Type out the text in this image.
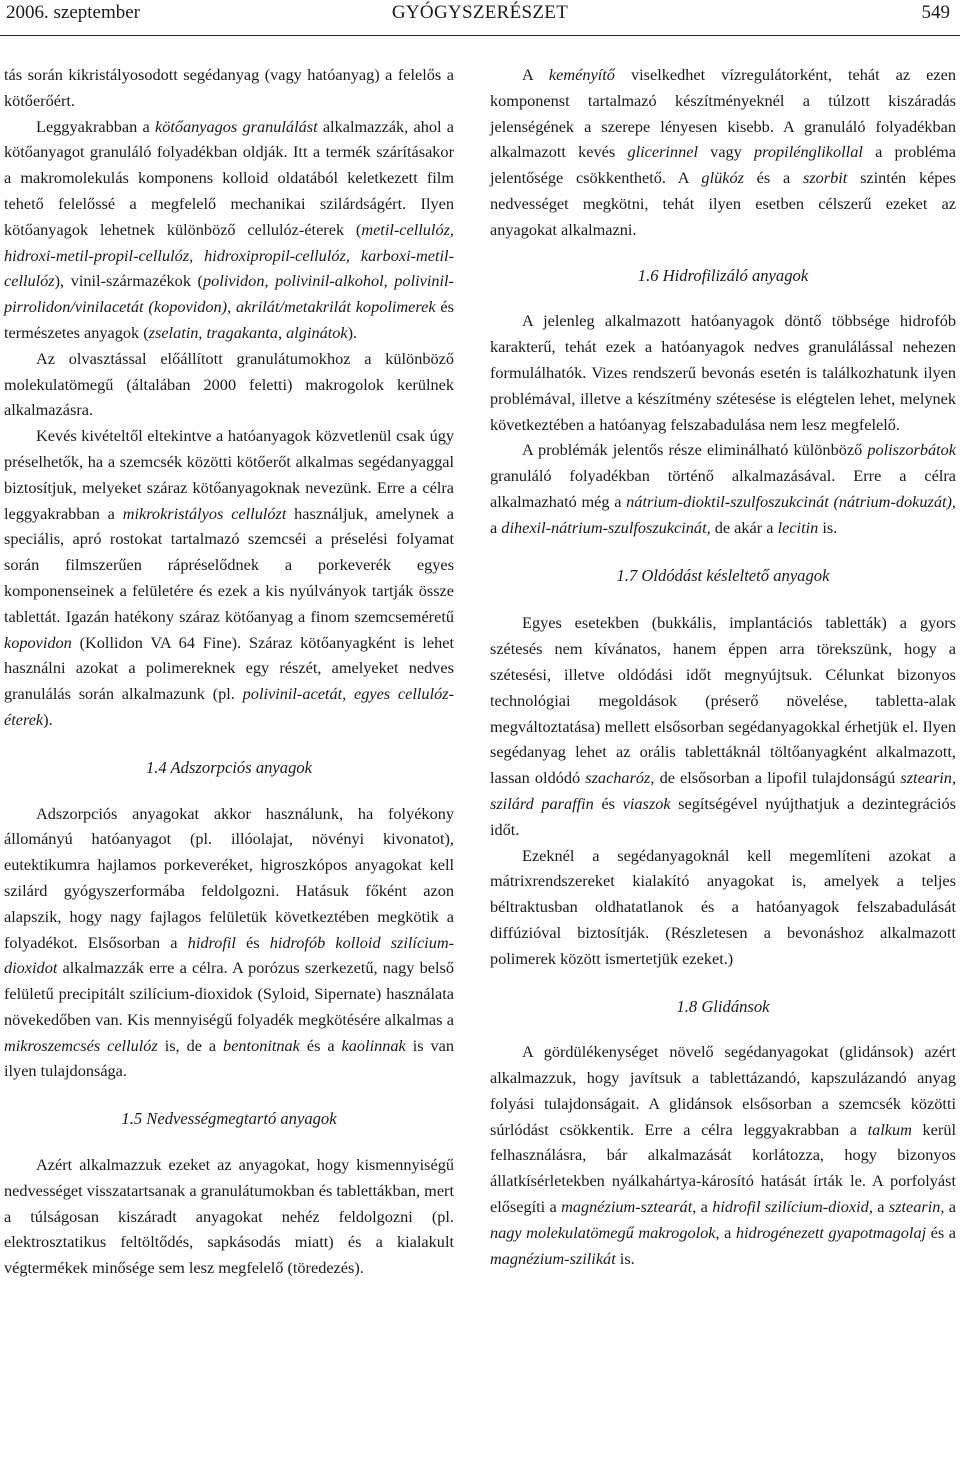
2006. szeptember	GYÓGYSZERÉSZET	549

tás során kikristályosodott segédanyag (vagy hatóanyag) a felelős a kötőerőért.

Leggyakrabban a kötőanyagos granulálást alkalmazzák, ahol a kötőanyagot granuláló folyadékban oldják. Itt a termék szárításakor a makromolekulás komponens kolloid oldatából keletkezett film tehető felelőssé a megfelelő mechanikai szilárdságért. Ilyen kötőanyagok lehetnek különböző cellulóz-éterek (metil-cellulóz, hidroxi-metil-propil-cellulóz, hidroxipropil-cellulóz, karboxi-metil-cellulóz), vinil-származékok (polividon, polivinil-alkohol, polivinil-pirrolidon/vinilacetát (kopovidon), akrilát/metakrilát kopolimerek és természetes anyagok (zselatin, tragakanta, alginátok).

Az olvasztással előállított granulátumokhoz a különböző molekulatömegű (általában 2000 feletti) makrogolok kerülnek alkalmazásra.

Kevés kivételtől eltekintve a hatóanyagok közvetlenül csak úgy préselhetők, ha a szemcsék közötti kötőerőt alkalmas segédanyaggal biztosítjuk, melyeket száraz kötőanyagoknak nevezünk. Erre a célra leggyakrabban a mikrokristályos cellulózt használjuk, amelynek a speciális, apró rostokat tartalmazó szemcséi a préselési folyamat során filmszerűen rápréselődnek a porkeverék egyes komponenseinek a felületére és ezek a kis nyúlványok tartják össze tablettát. Igazán hatékony száraz kötőanyag a finom szemcseméretű kopovidon (Kollidon VA 64 Fine). Száraz kötőanyagként is lehet használni azokat a polimereknek egy részét, amelyeket nedves granulálás során alkalmazunk (pl. polivinil-acetát, egyes cellulóz-éterek).

1.4 Adszorpciós anyagok

Adszorpciós anyagokat akkor használunk, ha folyékony állományú hatóanyagot (pl. illóolajat, növényi kivonatot), eutektikumra hajlamos porkeveréket, higroszkópos anyagokat kell szilárd gyógyszerformába feldolgozni. Hatásuk főként azon alapszik, hogy nagy fajlagos felületük következtében megkötik a folyadékot. Elsősorban a hidrofil és hidrofób kolloid szilícium-dioxidot alkalmazzák erre a célra. A porózus szerkezetű, nagy belső felületű precipitált szilícium-dioxidok (Syloid, Sipernate) használata növekedőben van. Kis mennyiségű folyadék megkötésére alkalmas a mikroszemcsés cellulóz is, de a bentonitnak és a kaolinnak is van ilyen tulajdonsága.

1.5 Nedvességmegtartó anyagok

Azért alkalmazzuk ezeket az anyagokat, hogy kismennyiségű nedvességet visszatartsanak a granulátumokban és tablettákban, mert a túlságosan kiszáradt anyagokat nehéz feldolgozni (pl. elektrosztatikus feltöltődés, sapkásodás miatt) és a kialakult végtermékek minősége sem lesz megfelelő (töredezés).

A keményítő viselkedhet vízregulátorként, tehát az ezen komponenst tartalmazó készítményeknél a túlzott kiszáradás jelenségének a szerepe lényesen kisebb. A granuláló folyadékban alkalmazott kevés glicerinnel vagy propilénglikollal a probléma jelentősége csökkenthető. A glükóz és a szorbit szintén képes nedvességet megkötni, tehát ilyen esetben célszerű ezeket az anyagokat alkalmazni.

1.6 Hidrofilizáló anyagok

A jelenleg alkalmazott hatóanyagok döntő többsége hidrofób karakterű, tehát ezek a hatóanyagok nedves granulálással nehezen formulálhatók. Vizes rendszerű bevonás esetén is találkozhatunk ilyen problémával, illetve a készítmény szétesése is elégtelen lehet, melynek következtében a hatóanyag felszabadulása nem lesz megfelelő.

A problémák jelentős része eliminálható különböző poliszorbátok granuláló folyadékban történő alkalmazásával. Erre a célra alkalmazható még a nátrium-dioktil-szulfoszukcinát (nátrium-dokuzát), a dihexil-nátrium-szulfoszukcinát, de akár a lecitin is.

1.7 Oldódást késleltető anyagok

Egyes esetekben (bukkális, implantációs tabletták) a gyors szétesés nem kívánatos, hanem éppen arra törekszünk, hogy a szétesési, illetve oldódási időt megnyújtsuk. Célunkat bizonyos technológiai megoldások (préserő növelése, tabletta-alak megváltoztatása) mellett elsősorban segédanyagokkal érhetjük el. Ilyen segédanyag lehet az orális tablettáknál töltőanyagként alkalmazott, lassan oldódó szacharóz, de elsősorban a lipofil tulajdonságú sztearin, szilárd paraffin és viaszok segítségével nyújthatjuk a dezintegrációs időt.

Ezeknél a segédanyagoknál kell megemlíteni azokat a mátrixrendszereket kialakító anyagokat is, amelyek a teljes béltraktusban oldhatatlanok és a hatóanyagok felszabadulását diffúzióval biztosítják. (Részletesen a bevonáshoz alkalmazott polimerek között ismertetjük ezeket.)

1.8 Glidánsok

A gördülékenységet növelő segédanyagokat (glidánsok) azért alkalmazzuk, hogy javítsuk a tablettázandó, kapszulázandó anyag folyási tulajdonságait. A glidánsok elsősorban a szemcsék közötti súrlódást csökkentik. Erre a célra leggyakrabban a talkum kerül felhasználásra, bár alkalmazását korlátozza, hogy bizonyos állatkísérletekben nyálkahártya-károsító hatását írták le. A porfolyást elősegíti a magnézium-sztearát, a hidrofil szilícium-dioxid, a sztearin, a nagy molekulatömegű makrogolok, a hidrogénezett gyapotmagolaj és a magnézium-szilikát is.
